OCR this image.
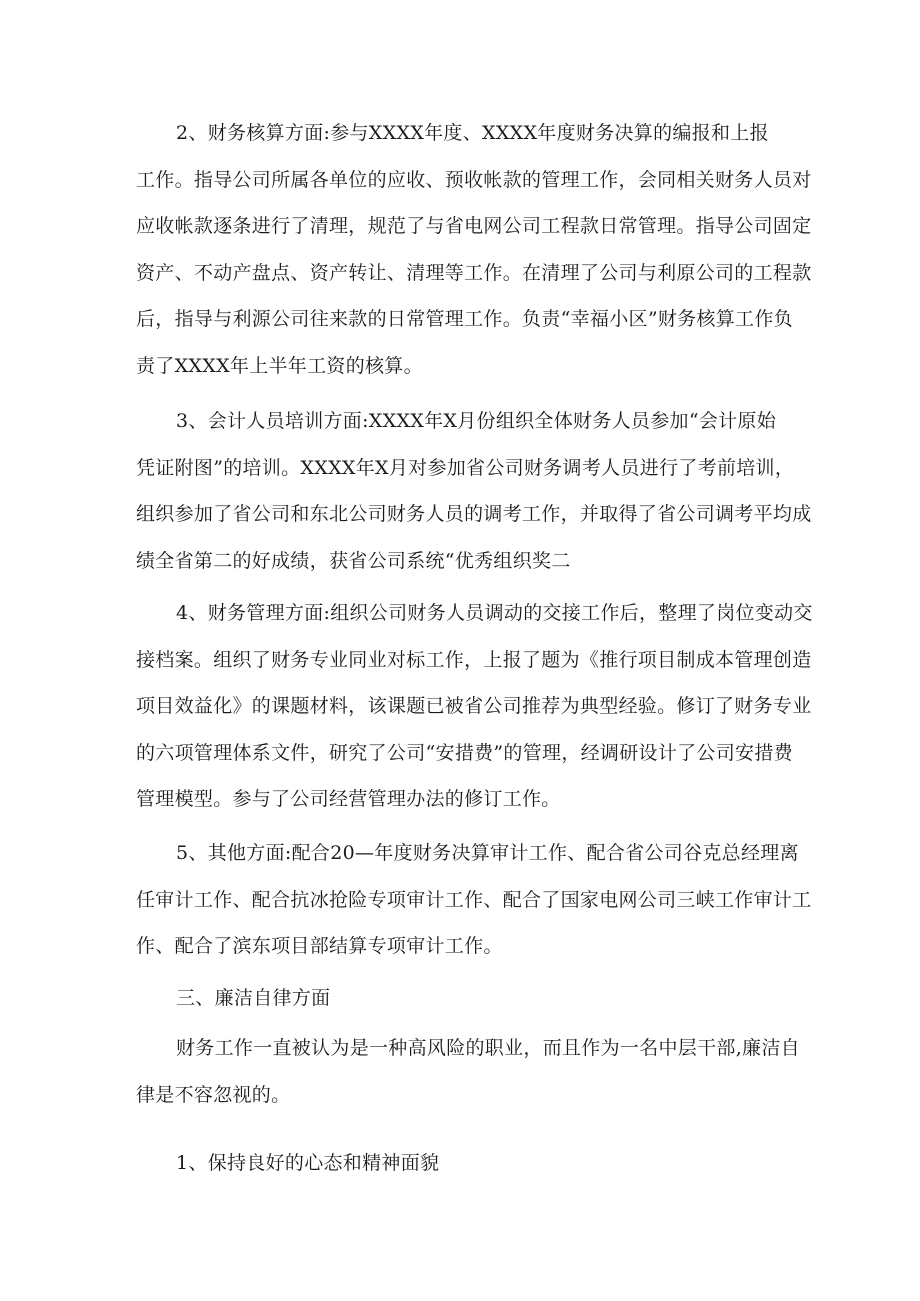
2、财务核算方面:参与XXXX年度、XXXX年度财务决算的编报和上报
工作。指导公司所属各单位的应收、预收帐款的管理工作，会同相关财务人员对
应收帐款逐条进行了清理，规范了与省电网公司工程款日常管理。指导公司固定
资产、不动产盘点、资产转让、清理等工作。在清理了公司与利原公司的工程款
后，指导与利源公司往来款的日常管理工作。负责“幸福小区”财务核算工作负
责了XXXX年上半年工资的核算。
3、会计人员培训方面:XXXX年X月份组织全体财务人员参加“会计原始
凭证附图”的培训。XXXX年X月对参加省公司财务调考人员进行了考前培训，
组织参加了省公司和东北公司财务人员的调考工作，并取得了省公司调考平均成
绩全省第二的好成绩，获省公司系统“优秀组织奖二
4、财务管理方面:组织公司财务人员调动的交接工作后，整理了岗位变动交
接档案。组织了财务专业同业对标工作，上报了题为《推行项目制成本管理创造
项目效益化》的课题材料，该课题已被省公司推荐为典型经验。修订了财务专业
的六项管理体系文件，研究了公司“安措费”的管理，经调研设计了公司安措费
管理模型。参与了公司经营管理办法的修订工作。
5、其他方面:配合20—年度财务决算审计工作、配合省公司谷克总经理离
任审计工作、配合抗冰抢险专项审计工作、配合了国家电网公司三峡工作审计工
作、配合了滨东项目部结算专项审计工作。
三、廉洁自律方面
财务工作一直被认为是一种高风险的职业，而且作为一名中层干部,廉洁自
律是不容忽视的。
1、保持良好的心态和精神面貌
